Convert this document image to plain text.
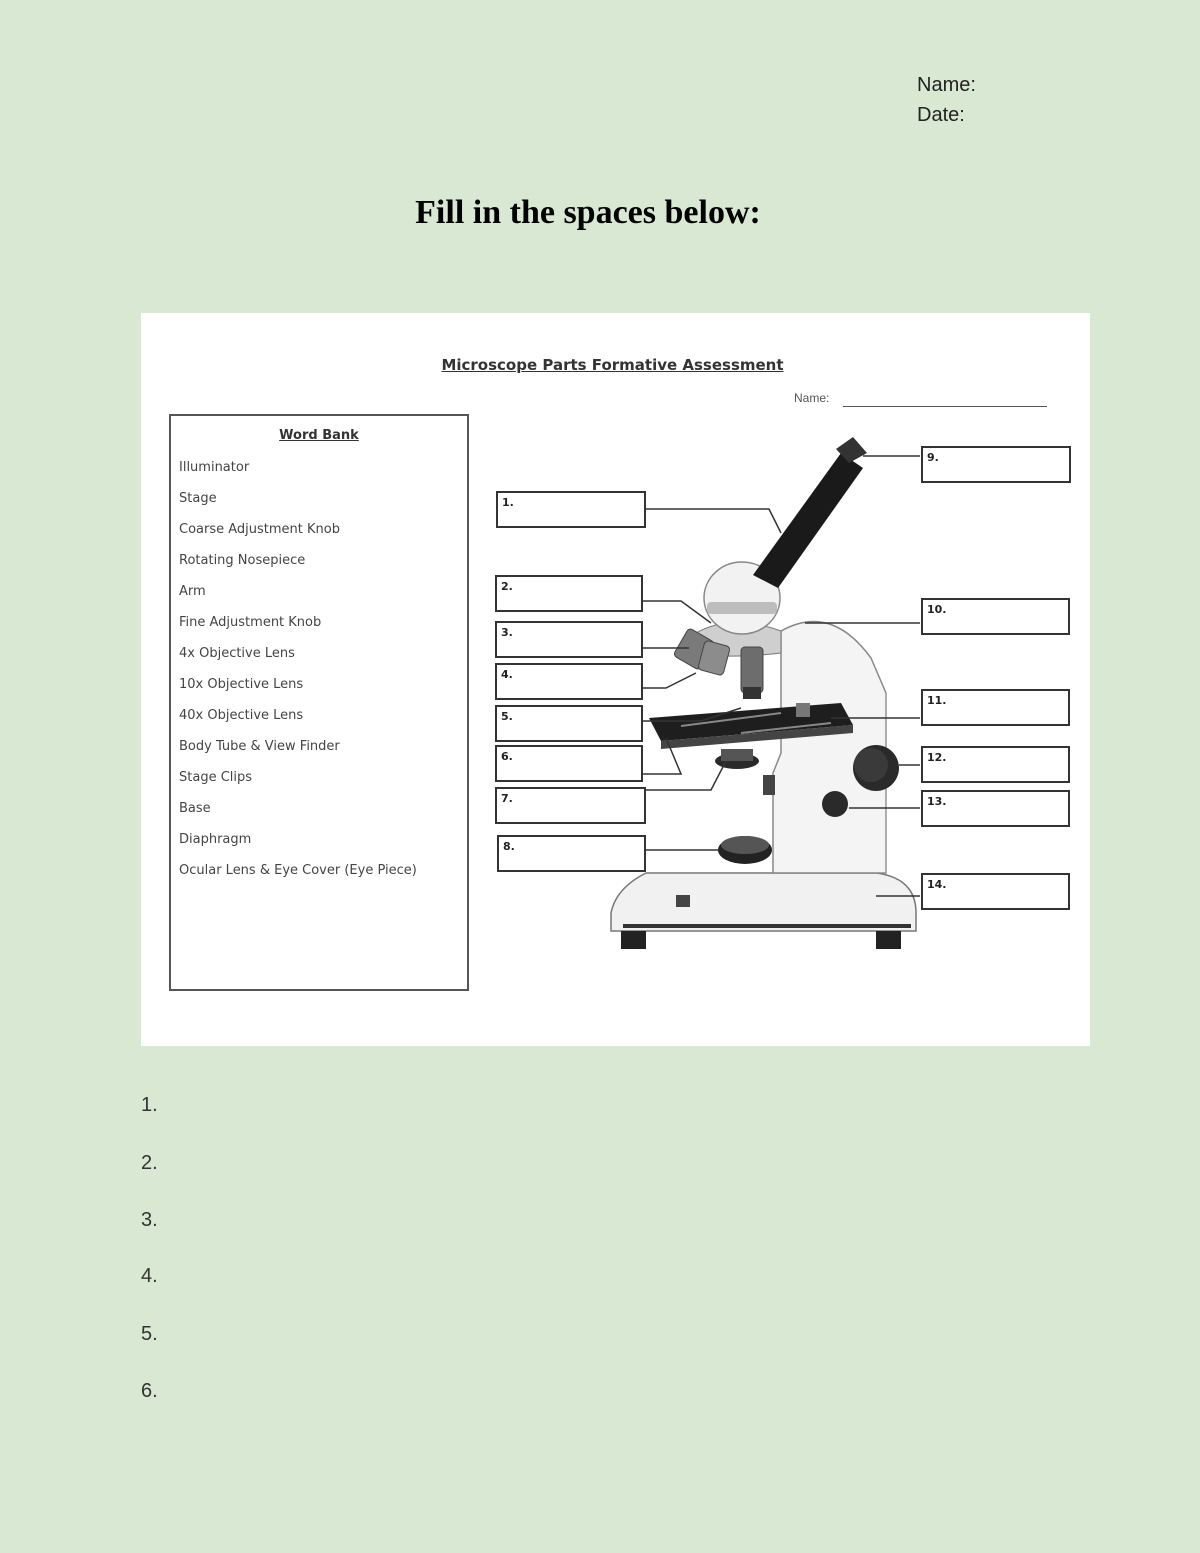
Name:
Date:
Fill in the spaces below:
Microscope Parts Formative Assessment
Name:
Word Bank
Illuminator
Stage
Coarse Adjustment Knob
Rotating Nosepiece
Arm
Fine Adjustment Knob
4x Objective Lens
10x Objective Lens
40x Objective Lens
Body Tube & View Finder
Stage Clips
Base
Diaphragm
Ocular Lens & Eye Cover (Eye Piece)
1.
2.
3.
4.
5.
6.
7.
8.
9.
10.
11.
12.
13.
14.
1.
2.
3.
4.
5.
6.
